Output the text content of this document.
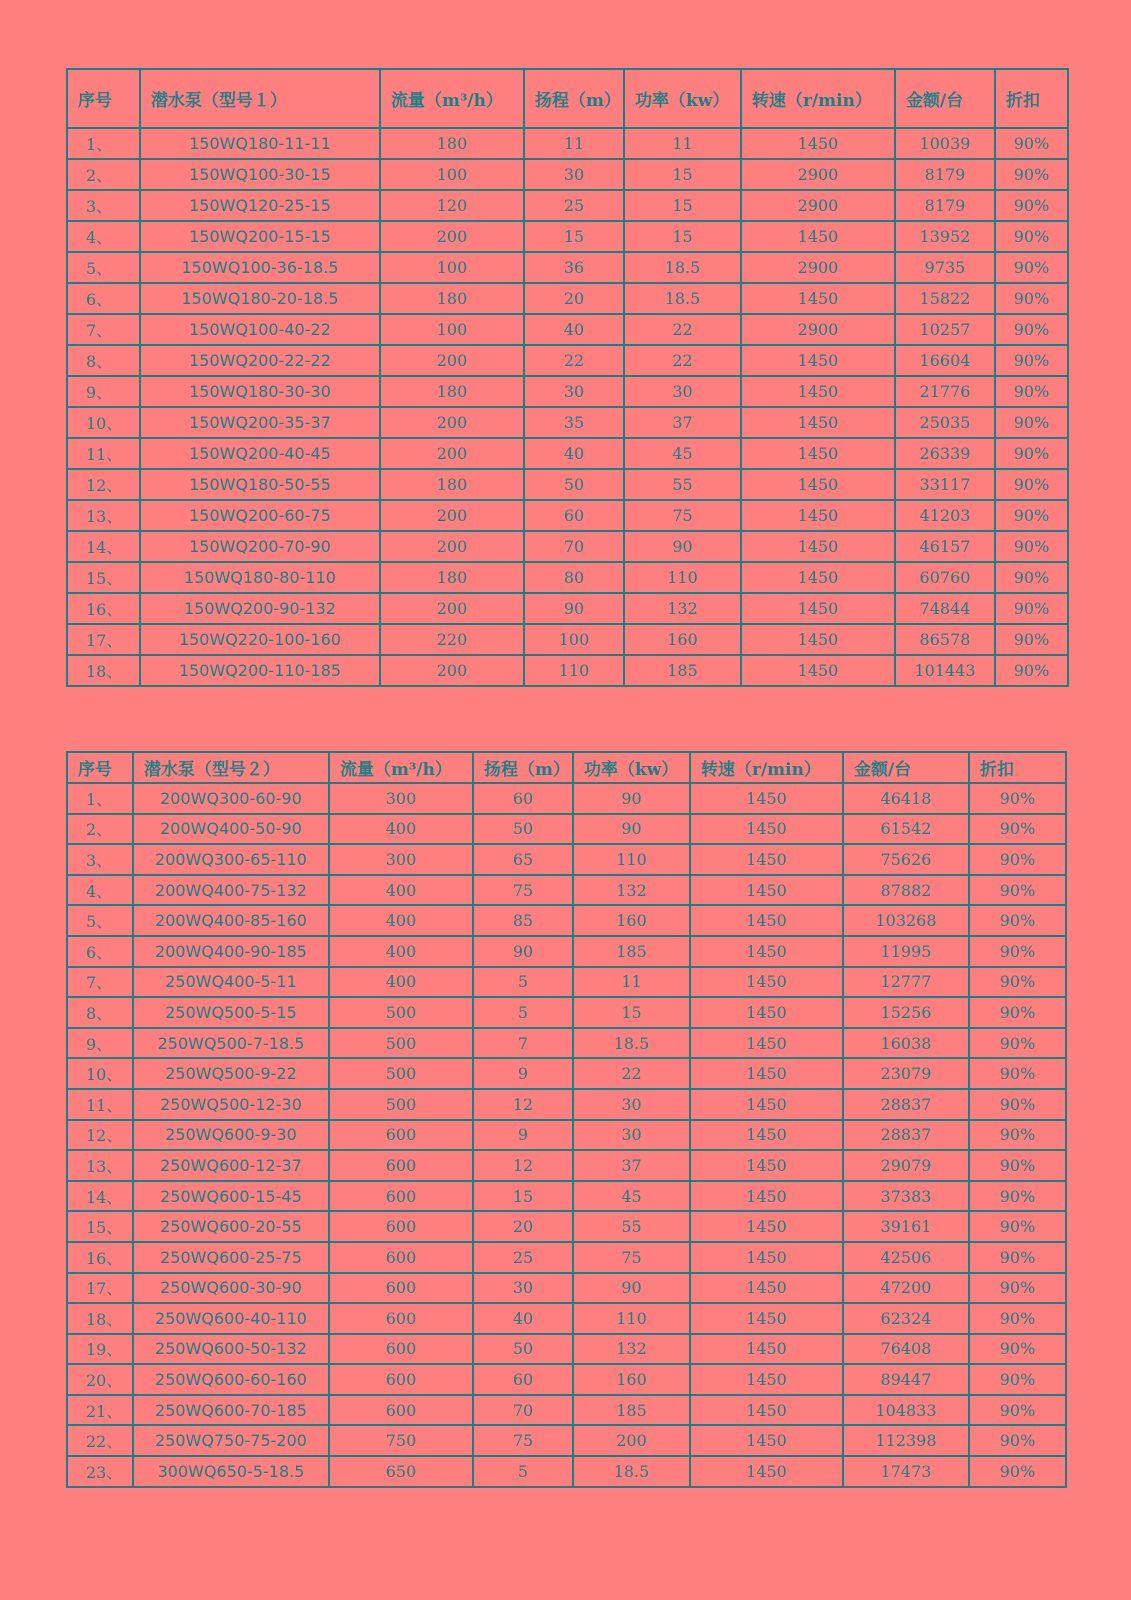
序号	潜水泵（型号１）	流量（m³/h）	扬程（m）	功率（kw）	转速（r/min）	金额/台	折扣
1、	150WQ180-11-11	180	11	11	1450	10039	90%
2、	150WQ100-30-15	100	30	15	2900	8179	90%
3、	150WQ120-25-15	120	25	15	2900	8179	90%
4、	150WQ200-15-15	200	15	15	1450	13952	90%
5、	150WQ100-36-18.5	100	36	18.5	2900	9735	90%
6、	150WQ180-20-18.5	180	20	18.5	1450	15822	90%
7、	150WQ100-40-22	100	40	22	2900	10257	90%
8、	150WQ200-22-22	200	22	22	1450	16604	90%
9、	150WQ180-30-30	180	30	30	1450	21776	90%
10、	150WQ200-35-37	200	35	37	1450	25035	90%
11、	150WQ200-40-45	200	40	45	1450	26339	90%
12、	150WQ180-50-55	180	50	55	1450	33117	90%
13、	150WQ200-60-75	200	60	75	1450	41203	90%
14、	150WQ200-70-90	200	70	90	1450	46157	90%
15、	150WQ180-80-110	180	80	110	1450	60760	90%
16、	150WQ200-90-132	200	90	132	1450	74844	90%
17、	150WQ220-100-160	220	100	160	1450	86578	90%
18、	150WQ200-110-185	200	110	185	1450	101443	90%
序号	潜水泵（型号２）	流量（m³/h）	扬程（m）	功率（kw）	转速（r/min）	金额/台	折扣
1、	200WQ300-60-90	300	60	90	1450	46418	90%
2、	200WQ400-50-90	400	50	90	1450	61542	90%
3、	200WQ300-65-110	300	65	110	1450	75626	90%
4、	200WQ400-75-132	400	75	132	1450	87882	90%
5、	200WQ400-85-160	400	85	160	1450	103268	90%
6、	200WQ400-90-185	400	90	185	1450	11995	90%
7、	250WQ400-5-11	400	5	11	1450	12777	90%
8、	250WQ500-5-15	500	5	15	1450	15256	90%
9、	250WQ500-7-18.5	500	7	18.5	1450	16038	90%
10、	250WQ500-9-22	500	9	22	1450	23079	90%
11、	250WQ500-12-30	500	12	30	1450	28837	90%
12、	250WQ600-9-30	600	9	30	1450	28837	90%
13、	250WQ600-12-37	600	12	37	1450	29079	90%
14、	250WQ600-15-45	600	15	45	1450	37383	90%
15、	250WQ600-20-55	600	20	55	1450	39161	90%
16、	250WQ600-25-75	600	25	75	1450	42506	90%
17、	250WQ600-30-90	600	30	90	1450	47200	90%
18、	250WQ600-40-110	600	40	110	1450	62324	90%
19、	250WQ600-50-132	600	50	132	1450	76408	90%
20、	250WQ600-60-160	600	60	160	1450	89447	90%
21、	250WQ600-70-185	600	70	185	1450	104833	90%
22、	250WQ750-75-200	750	75	200	1450	112398	90%
23、	300WQ650-5-18.5	650	5	18.5	1450	17473	90%
